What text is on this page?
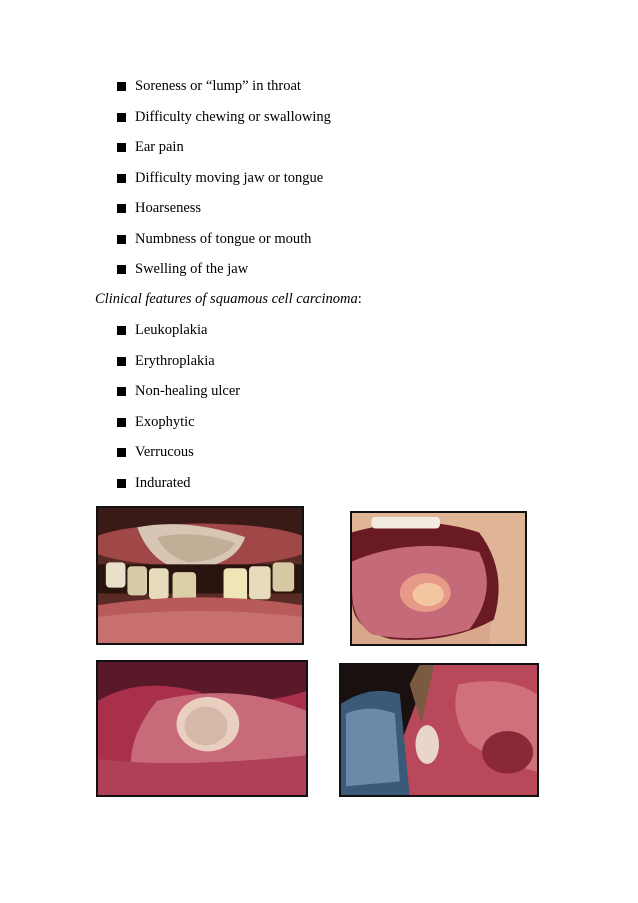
Soreness or “lump” in throat
Difficulty chewing or swallowing
Ear pain
Difficulty moving jaw or tongue
Hoarseness
Numbness of tongue or mouth
Swelling of the jaw
Clinical features of squamous cell carcinoma:
Leukoplakia
Erythroplakia
Non-healing ulcer
Exophytic
Verrucous
Indurated
